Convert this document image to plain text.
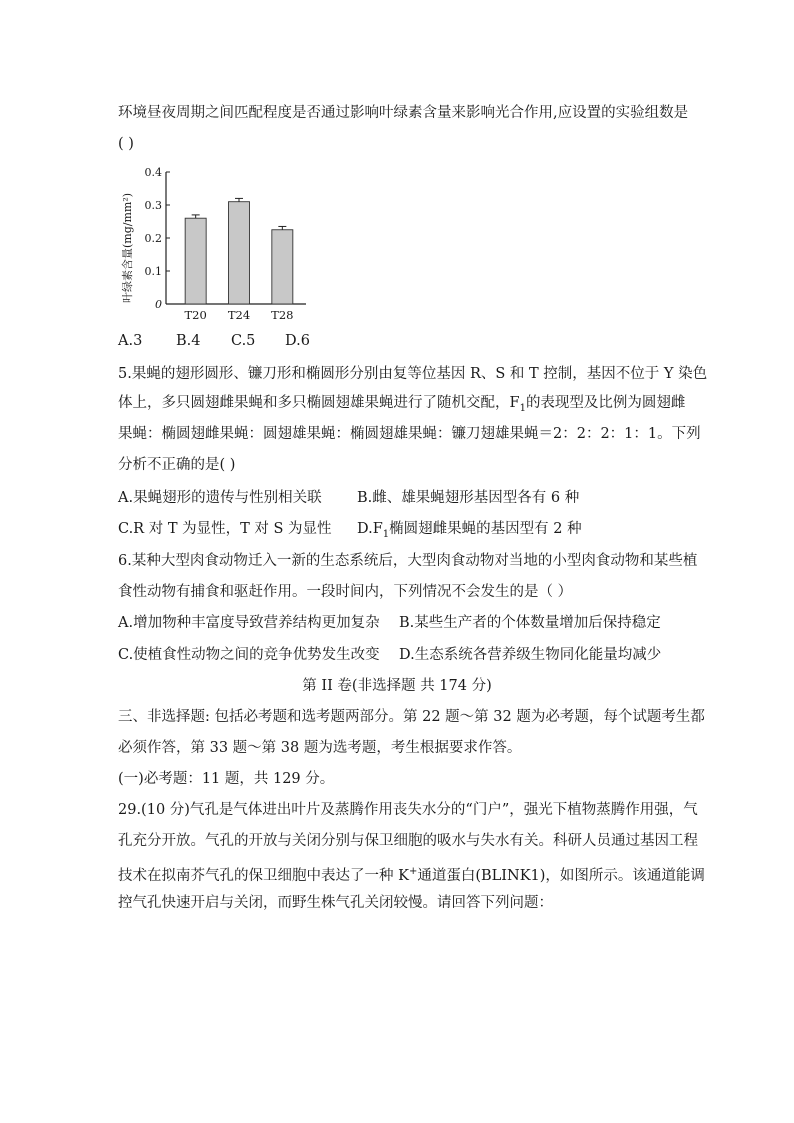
环境昼夜周期之间匹配程度是否通过影响叶绿素含量来影响光合作用,应设置的实验组数是
( )
0
0.1
0.2
0.3
0.4
T20 T24 T28
叶绿素含量(mg/mm²)
A.3 B.4 C.5 D.6
5.果蝇的翅形圆形、镰刀形和椭圆形分别由复等位基因 R、S 和 T 控制，基因不位于 Y 染色
体上，多只圆翅雌果蝇和多只椭圆翅雄果蝇进行了随机交配，$F_1$的表现型及比例为圆翅雌
果蝇：椭圆翅雌果蝇：圆翅雄果蝇：椭圆翅雄果蝇：镰刀翅雄果蝇＝2：2：2：1：1。下列
分析不正确的是( )
A.果蝇翅形的遗传与性别相关联 B.雌、雄果蝇翅形基因型各有 6 种
C.R 对 T 为显性，T 对 S 为显性 $D.F_1$椭圆翅雌果蝇的基因型有 2 种
6.某种大型肉食动物迁入一新的生态系统后，大型肉食动物对当地的小型肉食动物和某些植
食性动物有捕食和驱赶作用。一段时间内，下列情况不会发生的是（ ）
A.增加物种丰富度导致营养结构更加复杂 B.某些生产者的个体数量增加后保持稳定
C.使植食性动物之间的竞争优势发生改变 D.生态系统各营养级生物同化能量均减少
第 II 卷(非选择题 共 174 分)
三、非选择题: 包括必考题和选考题两部分。第 22 题～第 32 题为必考题，每个试题考生都
必须作答，第 33 题～第 38 题为选考题，考生根据要求作答。
(一)必考题：11 题，共 129 分。
29.(10 分)气孔是气体进出叶片及蒸腾作用丧失水分的“门户”，强光下植物蒸腾作用强，气
孔充分开放。气孔的开放与关闭分别与保卫细胞的吸水与失水有关。科研人员通过基因工程
技术在拟南芥气孔的保卫细胞中表达了一种 K+通道蛋白(BLINK1)，如图所示。该通道能调
控气孔快速开启与关闭，而野生株气孔关闭较慢。请回答下列问题：
